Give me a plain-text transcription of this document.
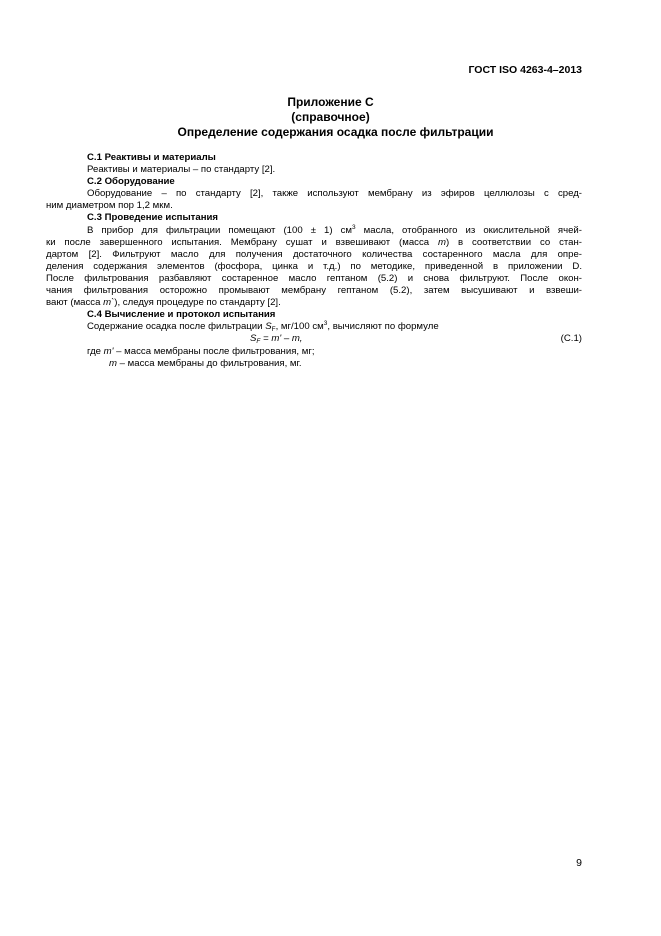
ГОСТ ISO 4263-4–2013
Приложение С
(справочное)
Определение содержания осадка после фильтрации

С.1 Реактивы и материалы

Реактивы и материалы – по стандарту [2].

С.2 Оборудование

Оборудование – по стандарту [2], также используют мембрану из эфиров целлюлозы с сред-

ним диаметром пор 1,2 мкм.

С.3 Проведение испытания

В прибор для фильтрации помещают (100 ± 1) $см^3$ масла, отобранного из окислительной ячей-

ки после завершенного испытания. Мембрану сушат и взвешивают (масса m) в соответствии со стан-

дартом [2]. Фильтруют масло для получения достаточного количества состаренного масла для опре-

деления содержания элементов (фосфора, цинка и т.д.) по методике, приведенной в приложении D.

После фильтрования разбавляют состаренное масло гептаном (5.2) и снова фильтруют. После окон-

чания фильтрования осторожно промывают мембрану гептаном (5.2), затем высушивают и взвеши-

вают (масса m`), следуя процедуре по стандарту [2].

С.4 Вычисление и протокол испытания

Содержание осадка после фильтрации $S_F$, мг/100 $см^3$, вычисляют по формуле

$S_F = m' - m$,	(С.1)

где m' – масса мембраны после фильтрования, мг;

m – масса мембраны до фильтрования, мг.

9
